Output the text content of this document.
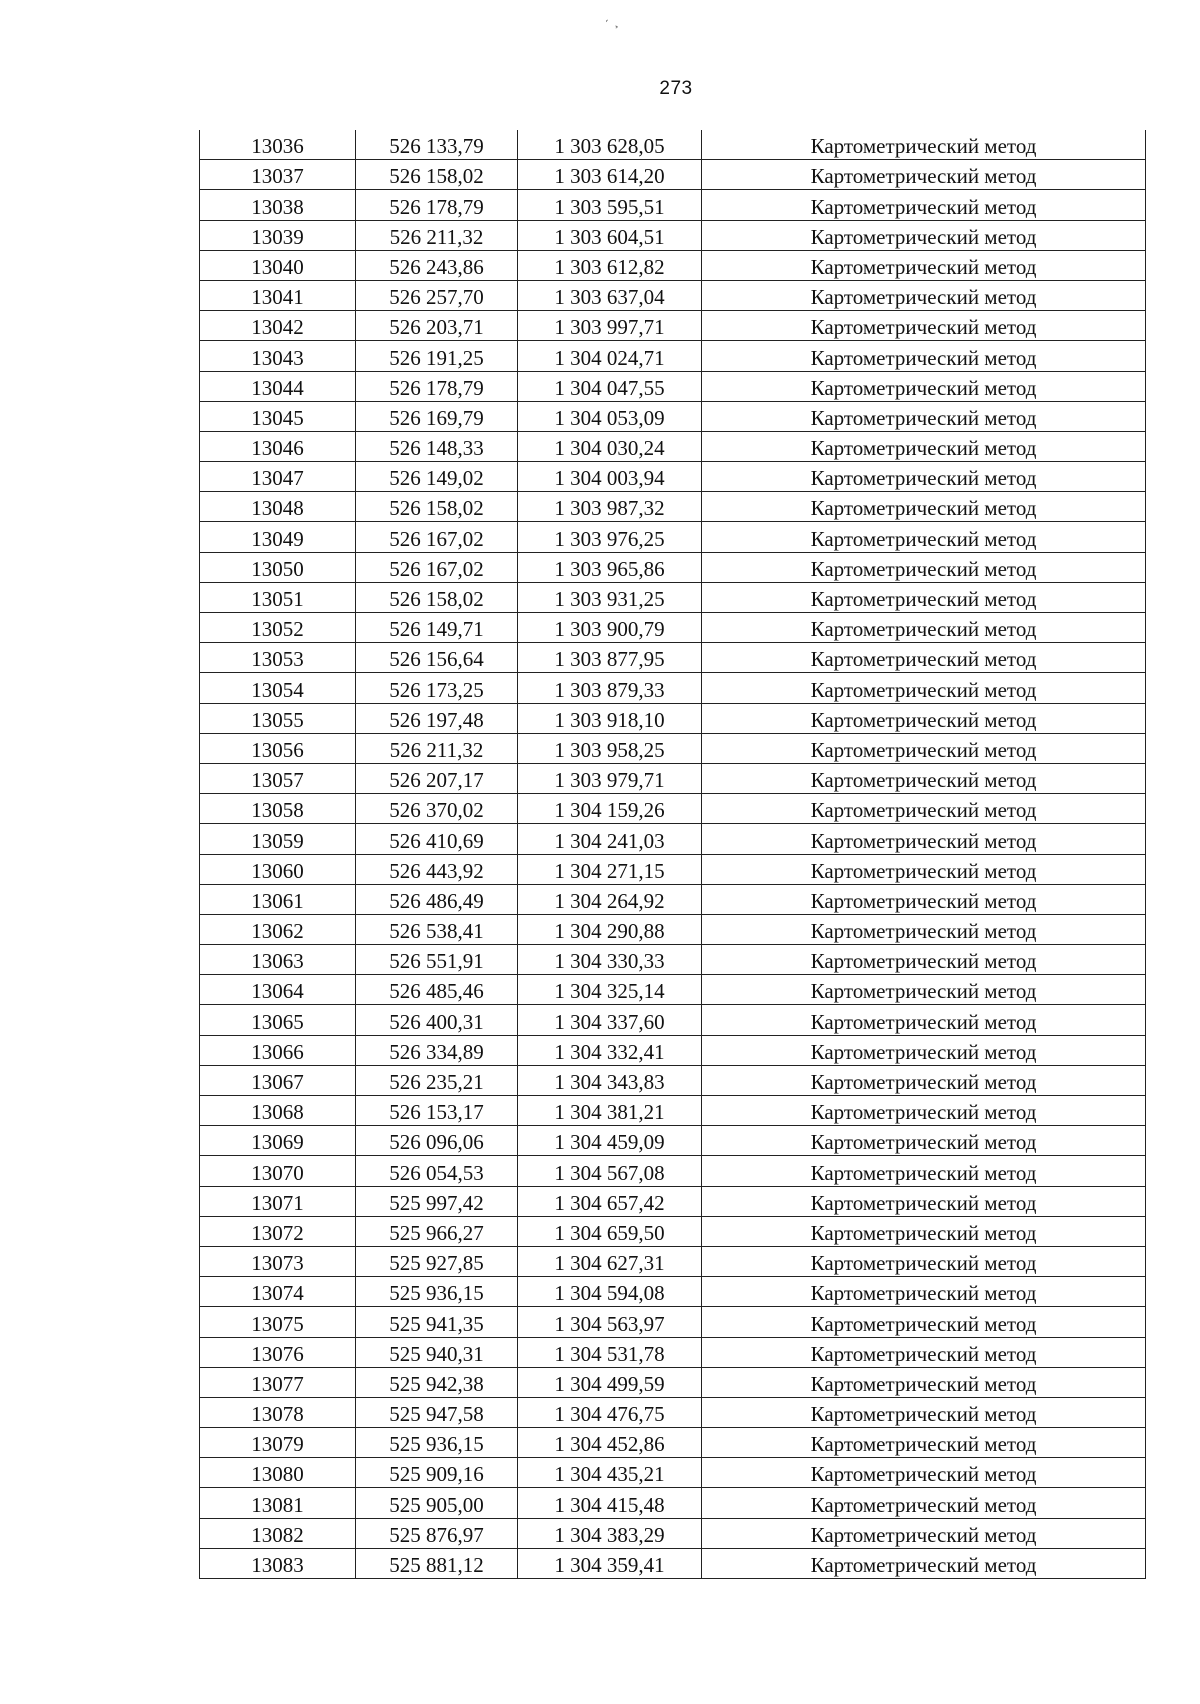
´ ¸
273
13036	526 133,79	1 303 628,05	Картометрический метод
13037	526 158,02	1 303 614,20	Картометрический метод
13038	526 178,79	1 303 595,51	Картометрический метод
13039	526 211,32	1 303 604,51	Картометрический метод
13040	526 243,86	1 303 612,82	Картометрический метод
13041	526 257,70	1 303 637,04	Картометрический метод
13042	526 203,71	1 303 997,71	Картометрический метод
13043	526 191,25	1 304 024,71	Картометрический метод
13044	526 178,79	1 304 047,55	Картометрический метод
13045	526 169,79	1 304 053,09	Картометрический метод
13046	526 148,33	1 304 030,24	Картометрический метод
13047	526 149,02	1 304 003,94	Картометрический метод
13048	526 158,02	1 303 987,32	Картометрический метод
13049	526 167,02	1 303 976,25	Картометрический метод
13050	526 167,02	1 303 965,86	Картометрический метод
13051	526 158,02	1 303 931,25	Картометрический метод
13052	526 149,71	1 303 900,79	Картометрический метод
13053	526 156,64	1 303 877,95	Картометрический метод
13054	526 173,25	1 303 879,33	Картометрический метод
13055	526 197,48	1 303 918,10	Картометрический метод
13056	526 211,32	1 303 958,25	Картометрический метод
13057	526 207,17	1 303 979,71	Картометрический метод
13058	526 370,02	1 304 159,26	Картометрический метод
13059	526 410,69	1 304 241,03	Картометрический метод
13060	526 443,92	1 304 271,15	Картометрический метод
13061	526 486,49	1 304 264,92	Картометрический метод
13062	526 538,41	1 304 290,88	Картометрический метод
13063	526 551,91	1 304 330,33	Картометрический метод
13064	526 485,46	1 304 325,14	Картометрический метод
13065	526 400,31	1 304 337,60	Картометрический метод
13066	526 334,89	1 304 332,41	Картометрический метод
13067	526 235,21	1 304 343,83	Картометрический метод
13068	526 153,17	1 304 381,21	Картометрический метод
13069	526 096,06	1 304 459,09	Картометрический метод
13070	526 054,53	1 304 567,08	Картометрический метод
13071	525 997,42	1 304 657,42	Картометрический метод
13072	525 966,27	1 304 659,50	Картометрический метод
13073	525 927,85	1 304 627,31	Картометрический метод
13074	525 936,15	1 304 594,08	Картометрический метод
13075	525 941,35	1 304 563,97	Картометрический метод
13076	525 940,31	1 304 531,78	Картометрический метод
13077	525 942,38	1 304 499,59	Картометрический метод
13078	525 947,58	1 304 476,75	Картометрический метод
13079	525 936,15	1 304 452,86	Картометрический метод
13080	525 909,16	1 304 435,21	Картометрический метод
13081	525 905,00	1 304 415,48	Картометрический метод
13082	525 876,97	1 304 383,29	Картометрический метод
13083	525 881,12	1 304 359,41	Картометрический метод
